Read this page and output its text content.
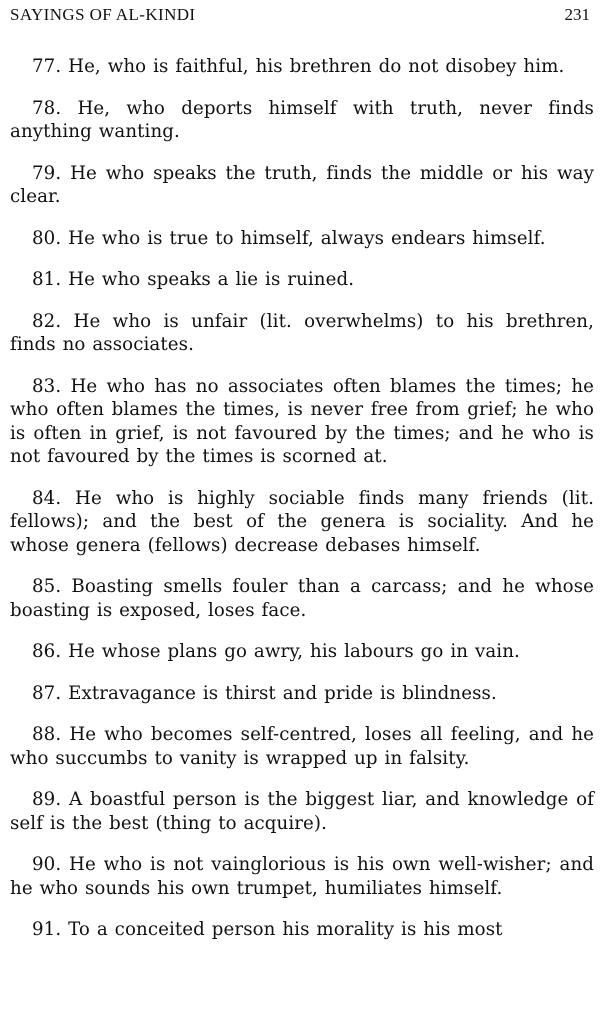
SAYINGS OF AL-KINDI	231

77. He, who is faithful, his brethren do not disobey him.

78. He, who deports himself with truth, never finds anything wanting.

79. He who speaks the truth, finds the middle or his way clear.

80. He who is true to himself, always endears himself.

81. He who speaks a lie is ruined.

82. He who is unfair (lit. overwhelms) to his brethren, finds no associates.

83. He who has no associates often blames the times; he who often blames the times, is never free from grief; he who is often in grief, is not favoured by the times; and he who is not favoured by the times is scorned at.

84. He who is highly sociable finds many friends (lit. fellows); and the best of the genera is sociality. And he whose genera (fellows) decrease debases himself.

85. Boasting smells fouler than a carcass; and he whose boasting is exposed, loses face.

86. He whose plans go awry, his labours go in vain.

87. Extravagance is thirst and pride is blindness.

88. He who becomes self-centred, loses all feeling, and he who succumbs to vanity is wrapped up in falsity.

89. A boastful person is the biggest liar, and knowledge of self is the best (thing to acquire).

90. He who is not vainglorious is his own well-wisher; and he who sounds his own trumpet, humiliates himself.

91. To a conceited person his morality is his most
